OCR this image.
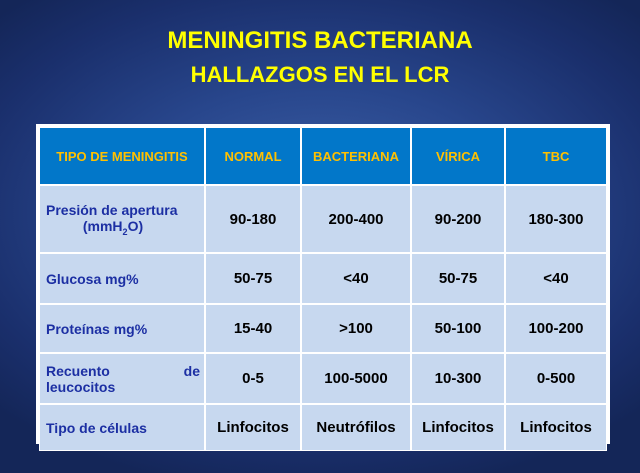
MENINGITIS BACTERIANA
HALLAZGOS EN EL LCR
TIPO DE MENINGITIS	NORMAL	BACTERIANA	VÍRICA	TBC

Presión de apertura
(mmH$_2$O)	90-180	200-400	90-200	180-300
Glucosa mg%	50-75	<40	50-75	<40
Proteínas mg%	15-40	>100	50-100	100-200

Recuento de
leucocitos	0-5	100-5000	10-300	0-500
Tipo de células	Linfocitos	Neutrófilos	Linfocitos	Linfocitos
